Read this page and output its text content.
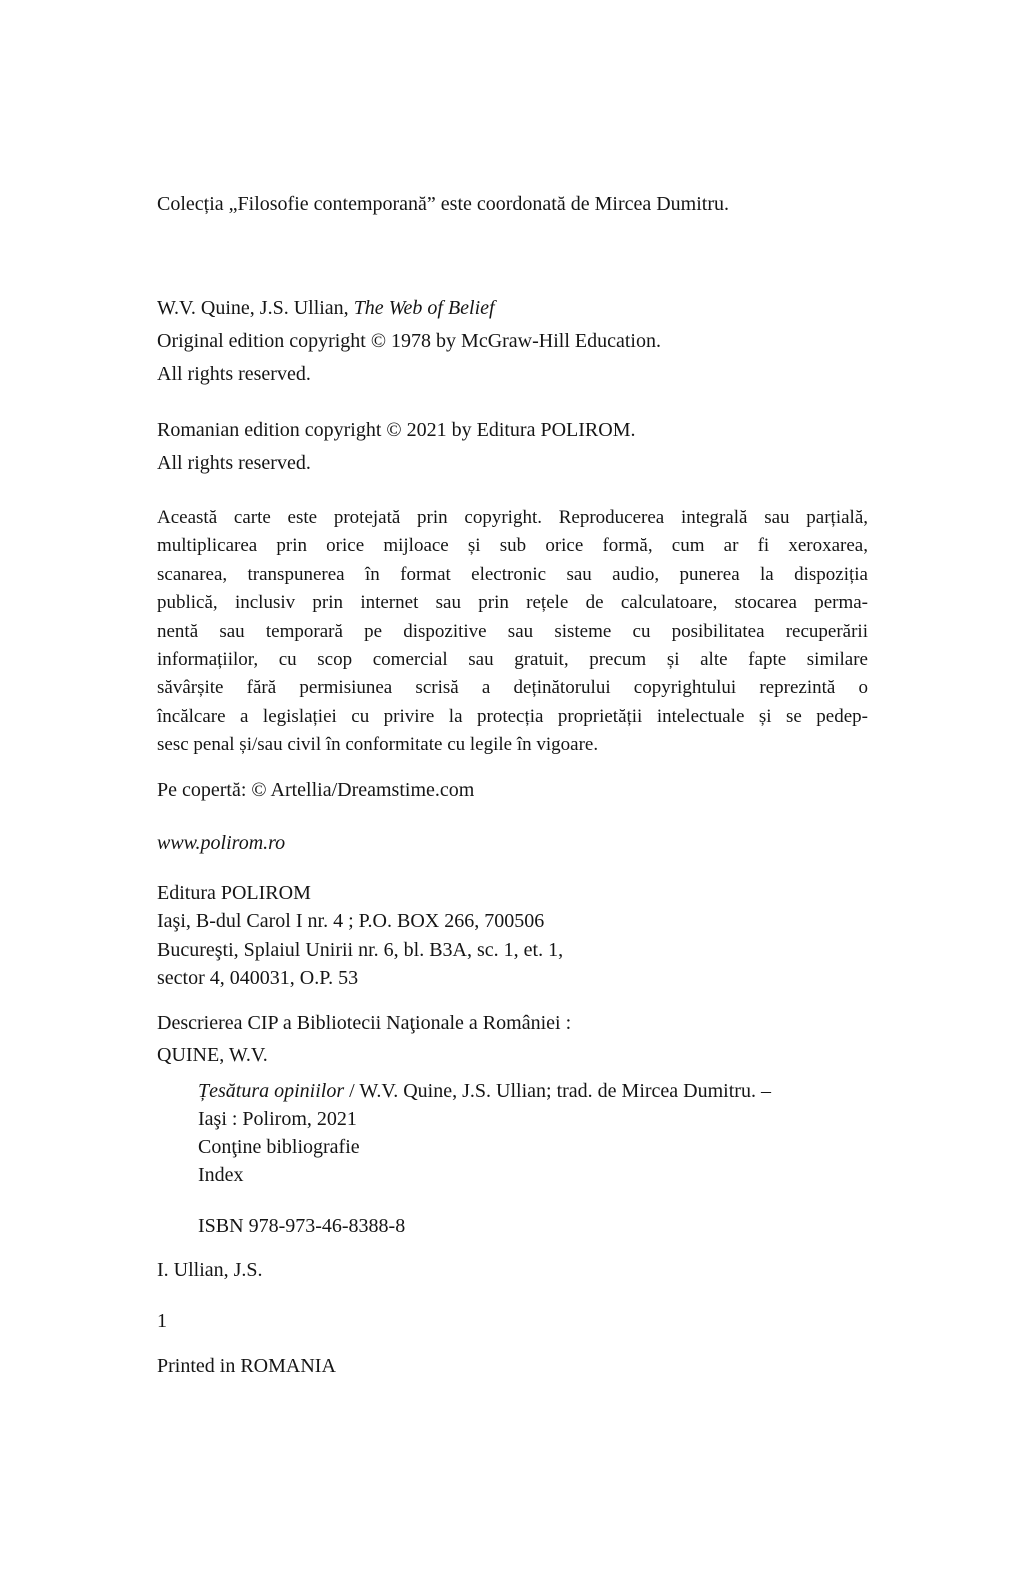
Colecția „Filosofie contemporană” este coordonată de Mircea Dumitru.
W.V. Quine, J.S. Ullian, The Web of Belief
Original edition copyright © 1978 by McGraw-Hill Education.
All rights reserved.
Romanian edition copyright © 2021 by Editura POLIROM.
All rights reserved.
Această carte este protejată prin copyright. Reproducerea integrală sau parțială,
multiplicarea prin orice mijloace și sub orice formă, cum ar fi xeroxarea,
scanarea, transpunerea în format electronic sau audio, punerea la dispoziția
publică, inclusiv prin internet sau prin rețele de calculatoare, stocarea perma-
nentă sau temporară pe dispozitive sau sisteme cu posibilitatea recuperării
informațiilor, cu scop comercial sau gratuit, precum și alte fapte similare
săvârșite fără permisiunea scrisă a deținătorului copyrightului reprezintă o
încălcare a legislației cu privire la protecția proprietății intelectuale și se pedep-
sesc penal și/sau civil în conformitate cu legile în vigoare.
Pe copertă: © Artellia/Dreamstime.com
www.polirom.ro
Editura POLIROM
Iaşi, B-dul Carol I nr. 4 ; P.O. BOX 266, 700506
Bucureşti, Splaiul Unirii nr. 6, bl. B3A, sc. 1, et. 1,
sector 4, 040031, O.P. 53
Descrierea CIP a Bibliotecii Naţionale a României :
QUINE, W.V.
Țesătura opiniilor / W.V. Quine, J.S. Ullian; trad. de Mircea Dumitru. –
Iaşi : Polirom, 2021
Conţine bibliografie
Index
ISBN 978-973-46-8388-8
I. Ullian, J.S.
1
Printed in ROMANIA
